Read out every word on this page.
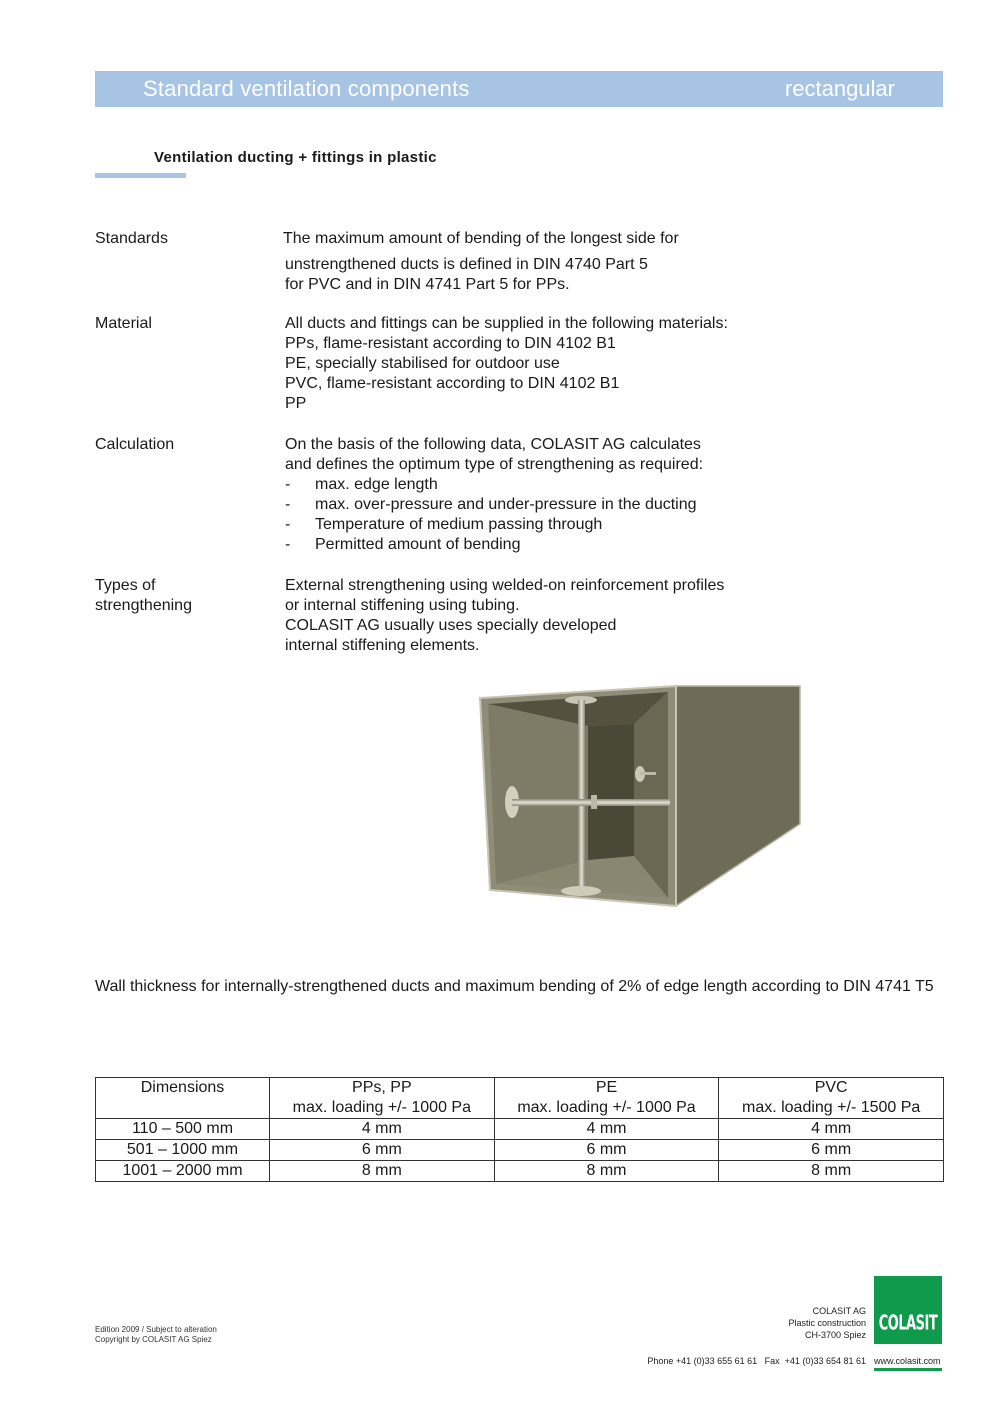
Standard ventilation components	rectangular
Ventilation ducting + fittings in plastic
Standards	The maximum amount of bending of the longest side for
unstrengthened ducts is defined in DIN 4740 Part 5
for PVC and in DIN 4741 Part 5 for PPs.
Material	All ducts and fittings can be supplied in the following materials:
PPs, flame-resistant according to DIN 4102 B1
PE, specially stabilised for outdoor use
PVC, flame-resistant according to DIN 4102 B1
PP
Calculation	On the basis of the following data, COLASIT AG calculates
and defines the optimum type of strengthening as required:
-	max. edge length
-	max. over-pressure and under-pressure in the ducting
-	Temperature of medium passing through
-	Permitted amount of bending
Types of
strengthening
External strengthening using welded-on reinforcement profiles
or internal stiffening using tubing.
COLASIT AG usually uses specially developed
internal stiffening elements.
Wall thickness for internally-strengthened ducts and maximum bending of 2% of edge length according to DIN 4741 T5
Dimensions	PPs, PP	PE	PVC
	max. loading +/- 1000 Pa	max. loading +/- 1000 Pa	max. loading +/- 1500 Pa
110 – 500 mm	4 mm	4 mm	4 mm
501 – 1000 mm	6 mm	6 mm	6 mm
1001 – 2000 mm	8 mm	8 mm	8 mm
Edition 2009 / Subject to alteration
Copyright by COLASIT AG Spiez
COLASIT AG
Plastic construction
CH-3700 Spiez COLASIT
Phone +41 (0)33 655 61 61   Fax  +41 (0)33 654 81 61 www.colasit.com
